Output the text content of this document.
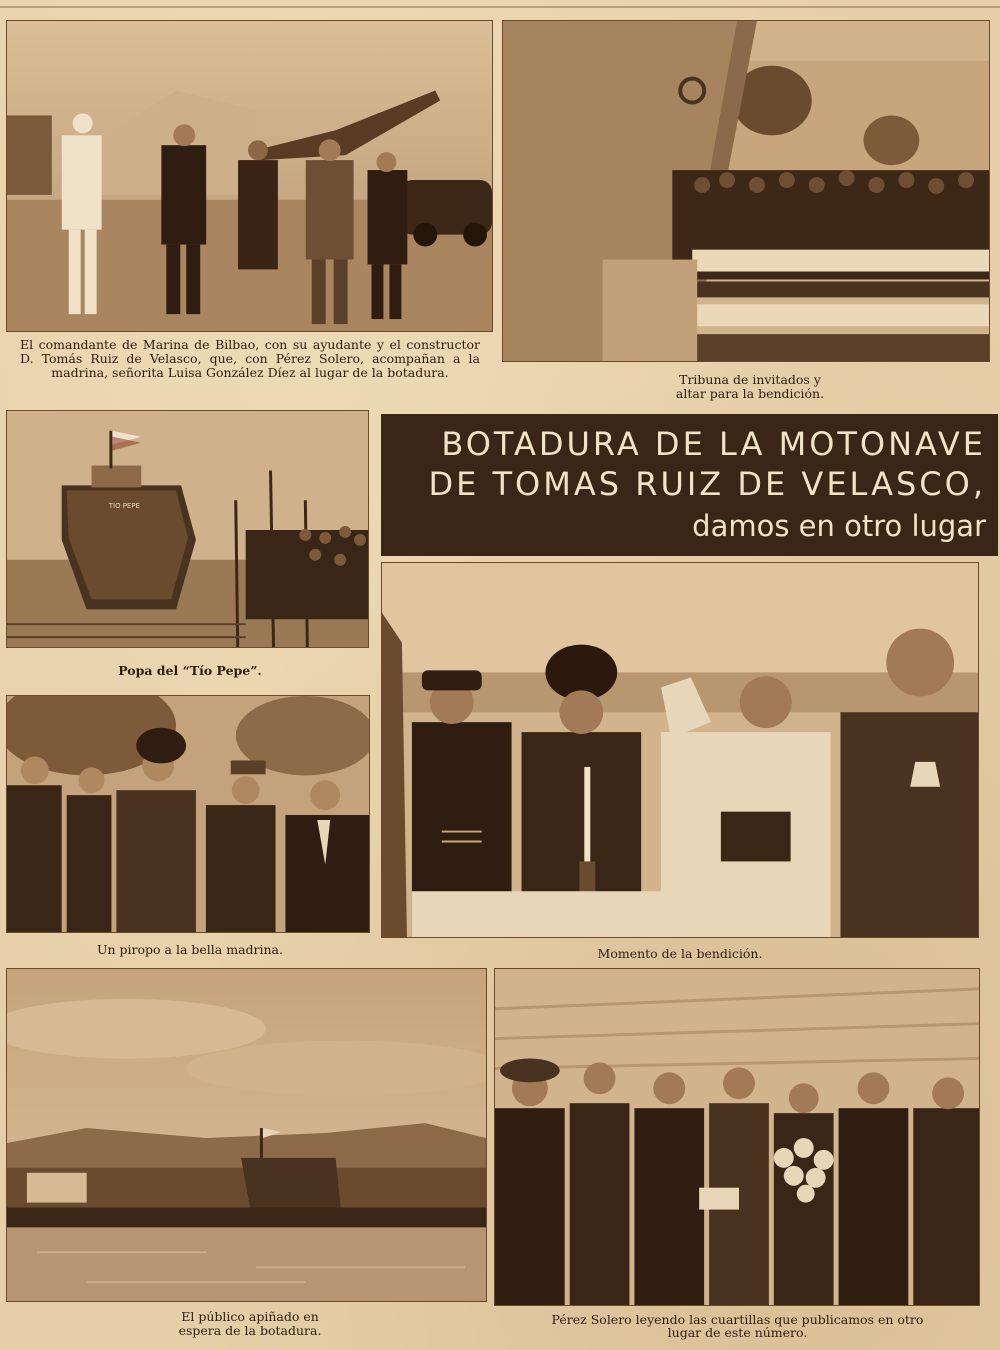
El comandante de Marina de Bilbao, con su ayudante y el constructor D. Tomás Ruiz de Velasco, que, con Pérez Solero, acompañan a la madrina, señorita Luisa González Díez al lugar de la botadura.	Tribuna de invitados y
altar para la bendición.
TIO PEPE
Popa del “Tío Pepe”.
BOTADURA DE LA MOTONAVE
DE TOMAS RUIZ DE VELASCO,
damos en otro lugar
Un piropo a la bella madrina.	Momento de la bendición.
El público apiñado en
espera de la botadura.
Pérez Solero leyendo las cuartillas que publicamos en otro
lugar de este número.
